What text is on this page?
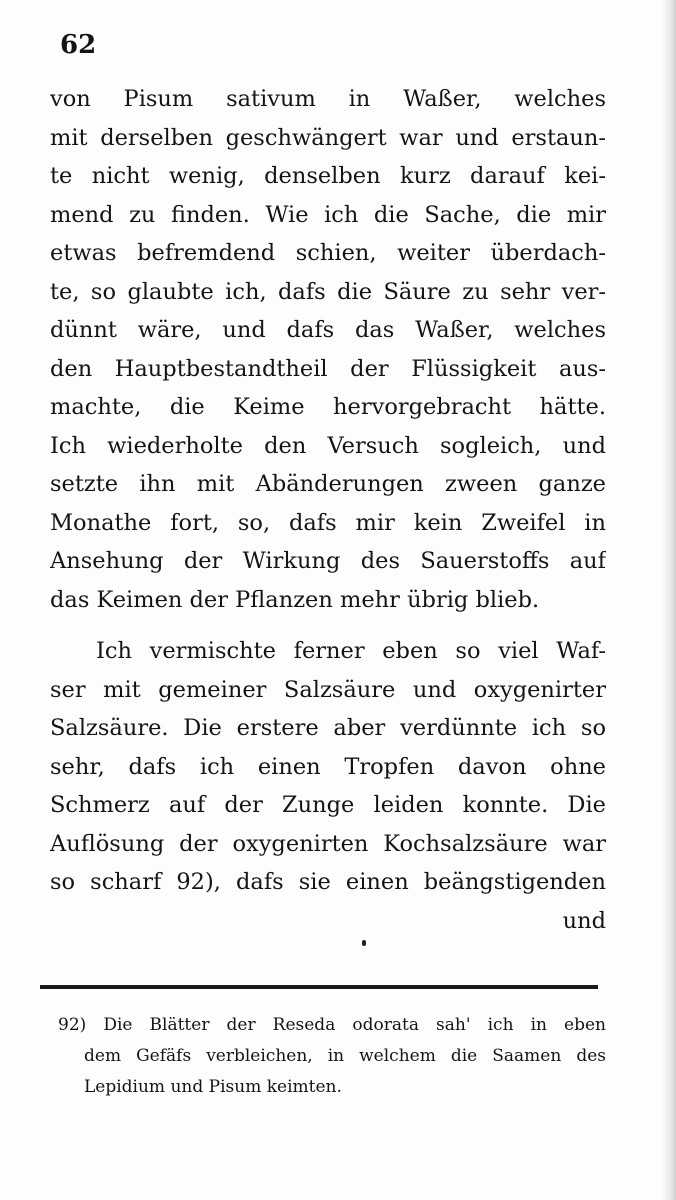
62
von Pisum sativum in Waßer, welches
mit derselben geschwängert war und erstaun-
te nicht wenig, denselben kurz darauf kei-
mend zu finden. Wie ich die Sache, die mir
etwas befremdend schien, weiter überdach-
te, so glaubte ich, dafs die Säure zu sehr ver-
dünnt wäre, und dafs das Waßer, welches
den Hauptbestandtheil der Flüssigkeit aus-
machte, die Keime hervorgebracht hätte.
Ich wiederholte den Versuch sogleich, und
setzte ihn mit Abänderungen zween ganze
Monathe fort, so, dafs mir kein Zweifel in
Ansehung der Wirkung des Sauerstoffs auf
das Keimen der Pflanzen mehr übrig blieb.
Ich vermischte ferner eben so viel Waf-
ser mit gemeiner Salzsäure und oxygenirter
Salzsäure. Die erstere aber verdünnte ich so
sehr, dafs ich einen Tropfen davon ohne
Schmerz auf der Zunge leiden konnte. Die
Auflösung der oxygenirten Kochsalzsäure war
so scharf 92), dafs sie einen beängstigenden
und
92) Die Blätter der Reseda odorata sah' ich in eben
dem Gefäfs verbleichen, in welchem die Saamen des
Lepidium und Pisum keimten.
